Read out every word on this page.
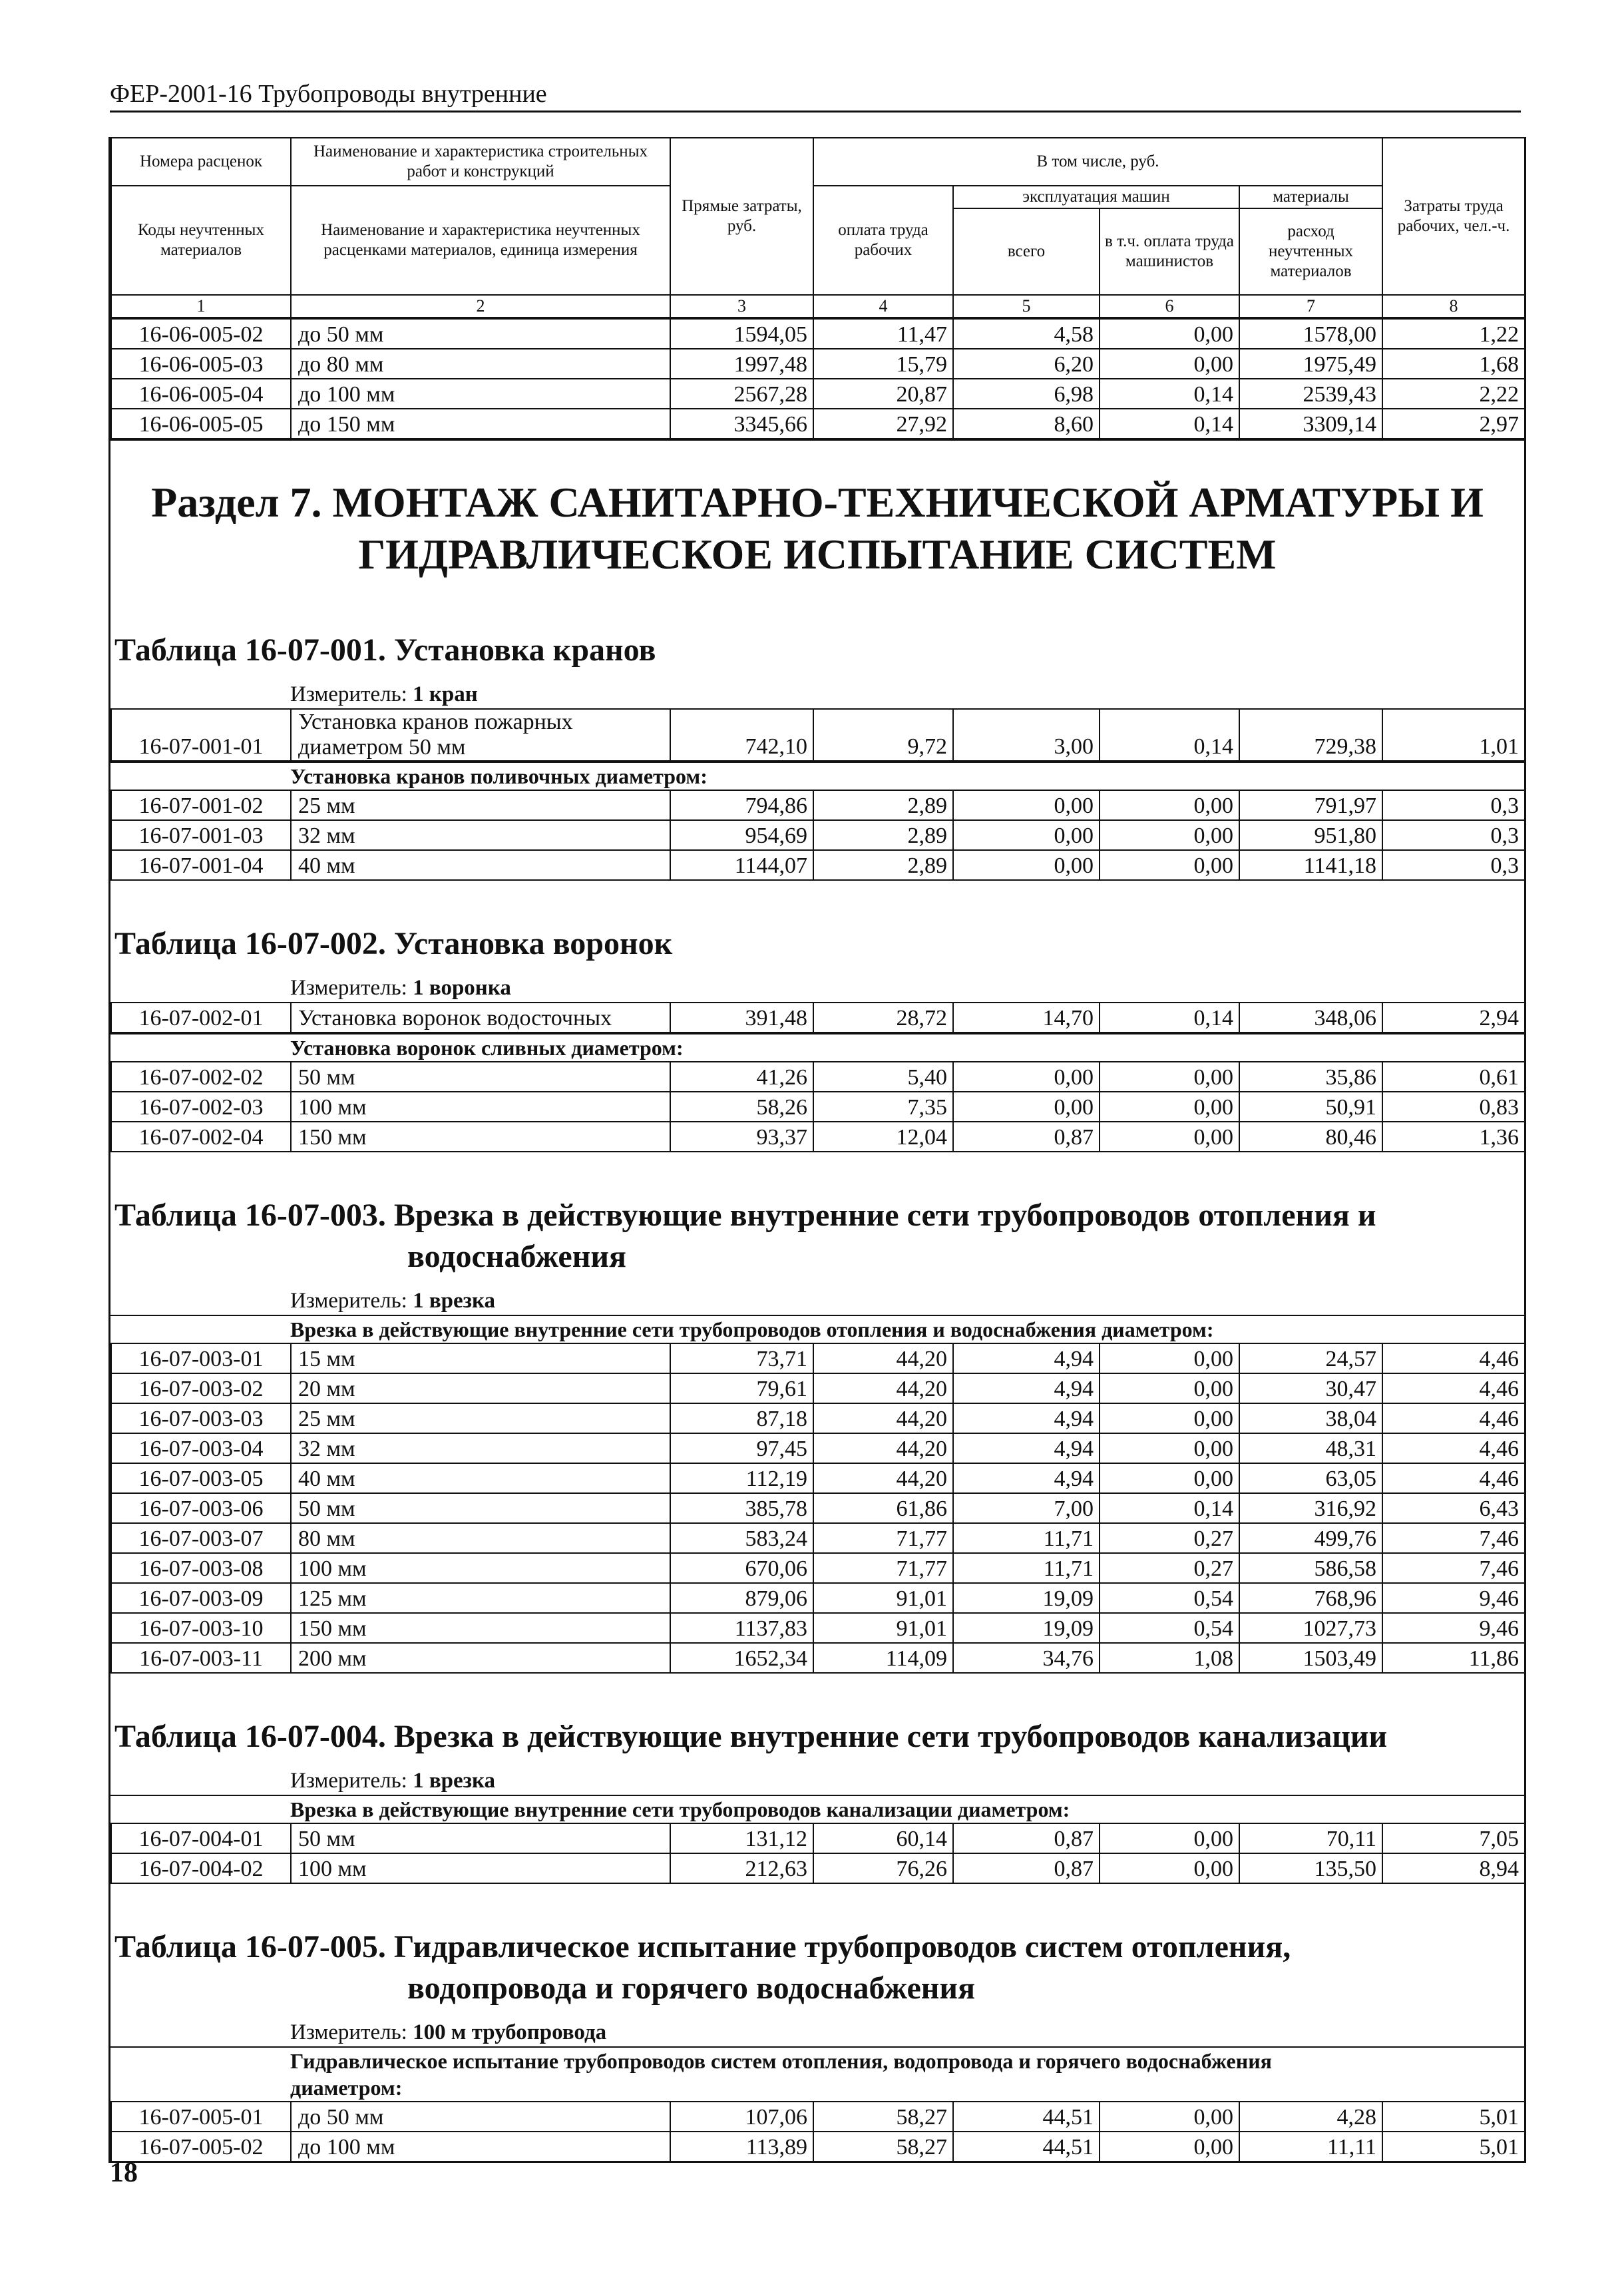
ФЕР-2001-16 Трубопроводы внутренние
Номера расценок	Наименование и характеристика строительных работ и конструкций	Прямые затраты, руб.	В том числе, руб.				Затраты труда рабочих, чел.-ч.
Коды неучтенных материалов	Наименование и характеристика неучтенных расценками материалов, единица измерения		оплата труда рабочих	эксплуатация машин		материалы	
				всего	в т.ч. оплата труда машинистов	расход неучтенных материалов	
1	2	3	4	5	6	7	8
16-06-005-02	до 50 мм	1594,05	11,47	4,58	0,00	1578,00	1,22
16-06-005-03	до 80 мм	1997,48	15,79	6,20	0,00	1975,49	1,68
16-06-005-04	до 100 мм	2567,28	20,87	6,98	0,14	2539,43	2,22
16-06-005-05	до 150 мм	3345,66	27,92	8,60	0,14	3309,14	2,97
Раздел 7. МОНТАЖ САНИТАРНО-ТЕХНИЧЕСКОЙ АРМАТУРЫ И ГИДРАВЛИЧЕСКОЕ ИСПЫТАНИЕ СИСТЕМ
Таблица 16-07-001. Установка кранов
Измеритель: 1 кран
16-07-001-01	Установка кранов пожарных диаметром 50 мм	742,10	9,72	3,00	0,14	729,38	1,01
Установка кранов поливочных диаметром:
16-07-001-02	25 мм	794,86	2,89	0,00	0,00	791,97	0,3
16-07-001-03	32 мм	954,69	2,89	0,00	0,00	951,80	0,3
16-07-001-04	40 мм	1144,07	2,89	0,00	0,00	1141,18	0,3
Таблица 16-07-002. Установка воронок
Измеритель: 1 воронка
16-07-002-01	Установка воронок водосточных	391,48	28,72	14,70	0,14	348,06	2,94
Установка воронок сливных диаметром:
16-07-002-02	50 мм	41,26	5,40	0,00	0,00	35,86	0,61
16-07-002-03	100 мм	58,26	7,35	0,00	0,00	50,91	0,83
16-07-002-04	150 мм	93,37	12,04	0,87	0,00	80,46	1,36
Таблица 16-07-003. Врезка в действующие внутренние сети трубопроводов отопления и
водоснабжения
Измеритель: 1 врезка
Врезка в действующие внутренние сети трубопроводов отопления и водоснабжения диаметром:
16-07-003-01	15 мм	73,71	44,20	4,94	0,00	24,57	4,46
16-07-003-02	20 мм	79,61	44,20	4,94	0,00	30,47	4,46
16-07-003-03	25 мм	87,18	44,20	4,94	0,00	38,04	4,46
16-07-003-04	32 мм	97,45	44,20	4,94	0,00	48,31	4,46
16-07-003-05	40 мм	112,19	44,20	4,94	0,00	63,05	4,46
16-07-003-06	50 мм	385,78	61,86	7,00	0,14	316,92	6,43
16-07-003-07	80 мм	583,24	71,77	11,71	0,27	499,76	7,46
16-07-003-08	100 мм	670,06	71,77	11,71	0,27	586,58	7,46
16-07-003-09	125 мм	879,06	91,01	19,09	0,54	768,96	9,46
16-07-003-10	150 мм	1137,83	91,01	19,09	0,54	1027,73	9,46
16-07-003-11	200 мм	1652,34	114,09	34,76	1,08	1503,49	11,86
Таблица 16-07-004. Врезка в действующие внутренние сети трубопроводов канализации
Измеритель: 1 врезка
Врезка в действующие внутренние сети трубопроводов канализации диаметром:
16-07-004-01	50 мм	131,12	60,14	0,87	0,00	70,11	7,05
16-07-004-02	100 мм	212,63	76,26	0,87	0,00	135,50	8,94
Таблица 16-07-005. Гидравлическое испытание трубопроводов систем отопления,
водопровода и горячего водоснабжения
Измеритель: 100 м трубопровода
Гидравлическое испытание трубопроводов систем отопления, водопровода и горячего водоснабжения
диаметром:
16-07-005-01	до 50 мм	107,06	58,27	44,51	0,00	4,28	5,01
16-07-005-02	до 100 мм	113,89	58,27	44,51	0,00	11,11	5,01
18
